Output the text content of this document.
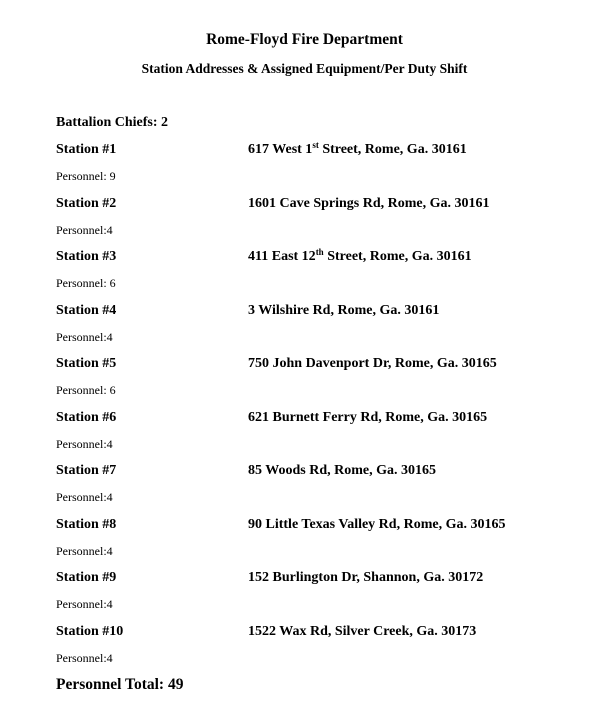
Rome-Floyd Fire Department
Station Addresses & Assigned Equipment/Per Duty Shift
Battalion Chiefs: 2
Station #1	617 West 1st Street, Rome, Ga. 30161
Personnel: 9
Station #2	1601 Cave Springs Rd, Rome, Ga. 30161
Personnel:4
Station #3	411 East 12th Street, Rome, Ga. 30161
Personnel: 6
Station #4	3 Wilshire Rd, Rome, Ga. 30161
Personnel:4
Station #5	750 John Davenport Dr, Rome, Ga. 30165
Personnel: 6
Station #6	621 Burnett Ferry Rd, Rome, Ga. 30165
Personnel:4
Station #7	85 Woods Rd, Rome, Ga. 30165
Personnel:4
Station #8	90 Little Texas Valley Rd, Rome, Ga. 30165
Personnel:4
Station #9	152 Burlington Dr, Shannon, Ga. 30172
Personnel:4
Station #10	1522 Wax Rd, Silver Creek, Ga. 30173
Personnel:4
Personnel Total: 49
